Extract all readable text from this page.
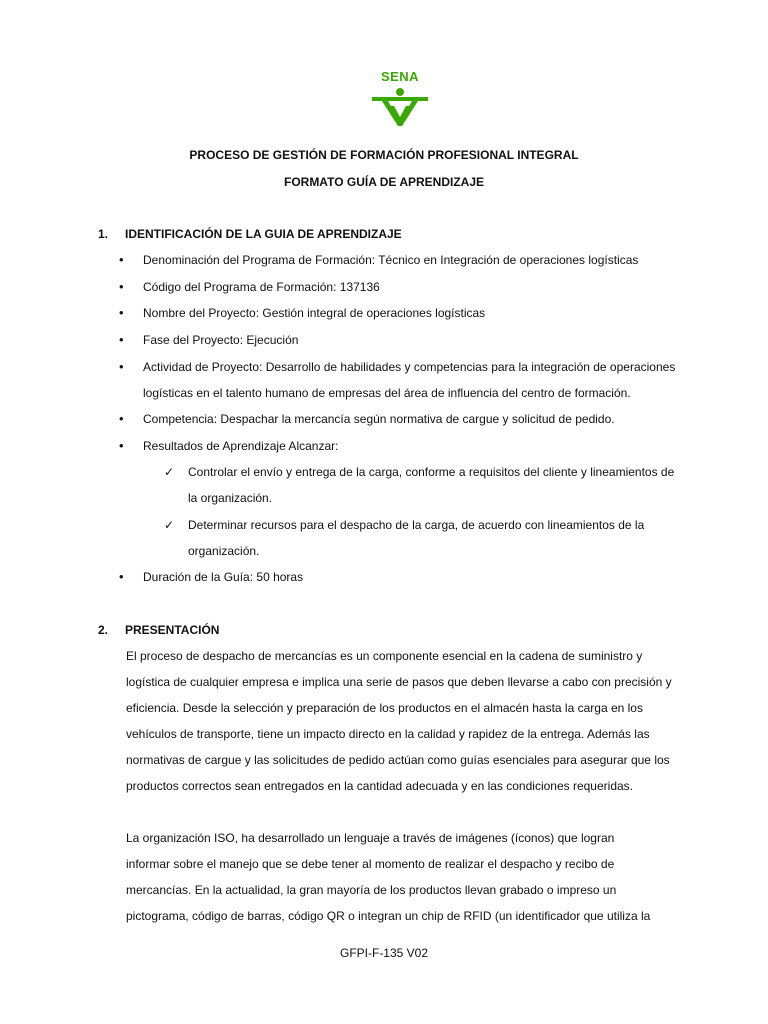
SENA
PROCESO DE GESTIÓN DE FORMACIÓN PROFESIONAL INTEGRAL
FORMATO GUÍA DE APRENDIZAJE
1. IDENTIFICACIÓN DE LA GUIA DE APRENDIZAJE
• Denominación del Programa de Formación: Técnico en Integración de operaciones logísticas
• Código del Programa de Formación: 137136
• Nombre del Proyecto: Gestión integral de operaciones logísticas
• Fase del Proyecto: Ejecución
• Actividad de Proyecto: Desarrollo de habilidades y competencias para la integración de operaciones
logísticas en el talento humano de empresas del área de influencia del centro de formación.
• Competencia: Despachar la mercancía según normativa de cargue y solicitud de pedido.
• Resultados de Aprendizaje Alcanzar:
✓ Controlar el envío y entrega de la carga, conforme a requisitos del cliente y lineamientos de
la organización.
✓ Determinar recursos para el despacho de la carga, de acuerdo con lineamientos de la
organización.
• Duración de la Guía: 50 horas
2. PRESENTACIÓN
El proceso de despacho de mercancías es un componente esencial en la cadena de suministro y
logística de cualquier empresa e implica una serie de pasos que deben llevarse a cabo con precisión y
eficiencia. Desde la selección y preparación de los productos en el almacén hasta la carga en los
vehículos de transporte, tiene un impacto directo en la calidad y rapidez de la entrega. Además las
normativas de cargue y las solicitudes de pedido actúan como guías esenciales para asegurar que los
productos correctos sean entregados en la cantidad adecuada y en las condiciones requeridas.
La organización ISO, ha desarrollado un lenguaje a través de imágenes (íconos) que logran
informar sobre el manejo que se debe tener al momento de realizar el despacho y recibo de
mercancías. En la actualidad, la gran mayoría de los productos llevan grabado o impreso un
pictograma, código de barras, código QR o integran un chip de RFID (un identificador que utiliza la
GFPI-F-135 V02
